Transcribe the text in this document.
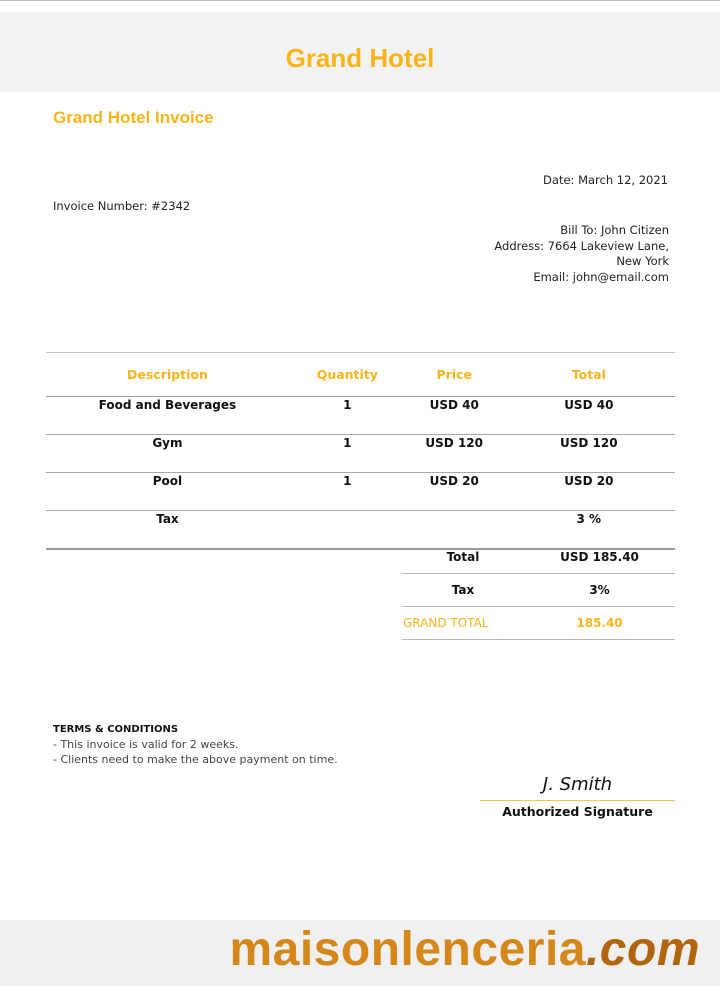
Grand Hotel
Grand Hotel Invoice
Date: March 12, 2021
Invoice Number: #2342
Bill To: John Citizen
Address: 7664 Lakeview Lane,
New York
Email: john@email.com
Description	Quantity	Price	Total
Food and Beverages	1	USD 40	USD 40
Gym	1	USD 120	USD 120
Pool	1	USD 20	USD 20
Tax			3 %
Total	USD 185.40
Tax	3%
GRAND TOTAL	185.40
TERMS & CONDITIONS
- This invoice is valid for 2 weeks.
- Clients need to make the above payment on time.
J. Smith
Authorized Signature
maisonlenceria.com
